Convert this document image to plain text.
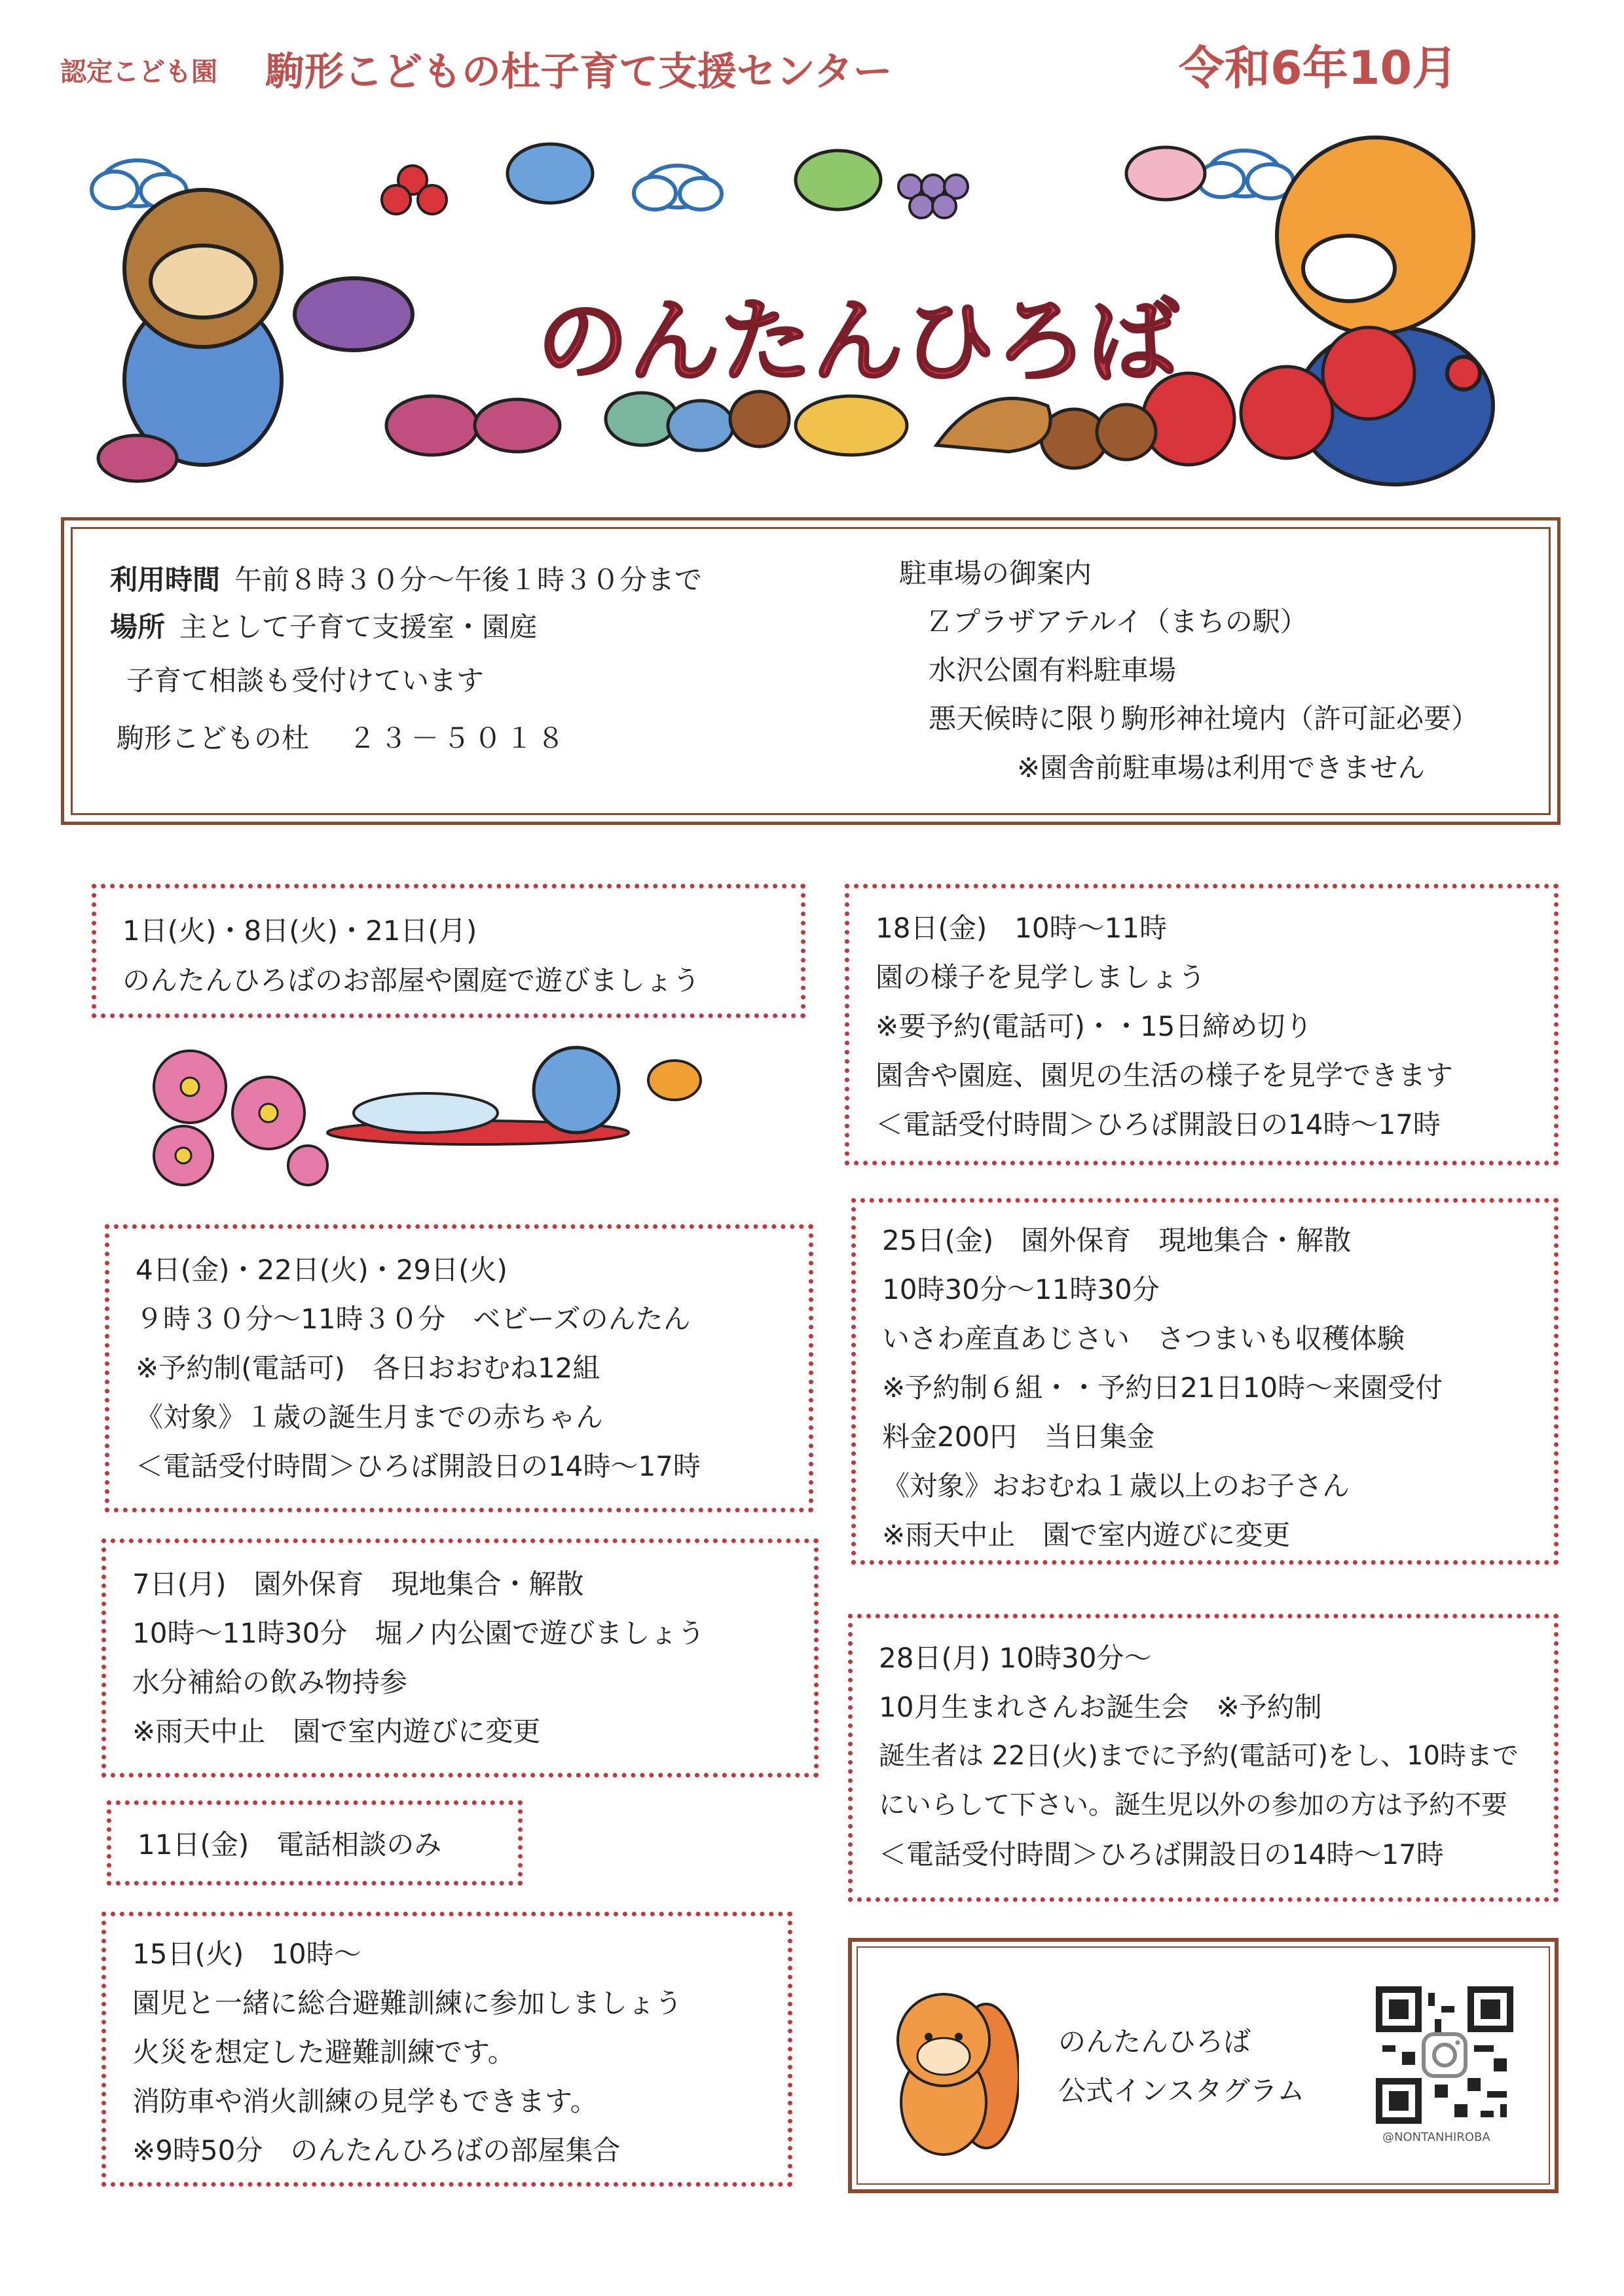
認定こども園 駒形こどもの杜子育て支援センター	令和6年10月
のんたんひろば
利用時間 午前８時３０分～午後１時３０分まで
場所 主として子育て支援室・園庭
子育て相談も受付けています
駒形こどもの杜 ２３－５０１８
駐車場の御案内
Ｚプラザアテルイ（まちの駅）
水沢公園有料駐車場
悪天候時に限り駒形神社境内（許可証必要）
※園舎前駐車場は利用できません
1日(火)・8日(火)・21日(月)
のんたんひろばのお部屋や園庭で遊びましょう
4日(金)・22日(火)・29日(火)
９時３０分～11時３０分　ベビーズのんたん
※予約制(電話可)　各日おおむね12組
《対象》１歳の誕生月までの赤ちゃん
＜電話受付時間＞ひろば開設日の14時～17時
7日(月)　園外保育　現地集合・解散
10時～11時30分　堀ノ内公園で遊びましょう
水分補給の飲み物持参
※雨天中止　園で室内遊びに変更
11日(金)　電話相談のみ
15日(火)　10時～
園児と一緒に総合避難訓練に参加しましょう
火災を想定した避難訓練です。
消防車や消火訓練の見学もできます。
※9時50分　のんたんひろばの部屋集合
18日(金)　10時～11時
園の様子を見学しましょう
※要予約(電話可)・・15日締め切り
園舎や園庭、園児の生活の様子を見学できます
＜電話受付時間＞ひろば開設日の14時～17時
25日(金)　園外保育　現地集合・解散
10時30分～11時30分
いさわ産直あじさい　さつまいも収穫体験
※予約制６組・・予約日21日10時～来園受付
料金200円　当日集金
《対象》おおむね１歳以上のお子さん
※雨天中止　園で室内遊びに変更
28日(月) 10時30分～
10月生まれさんお誕生会　※予約制
誕生者は 22日(火)までに予約(電話可)をし、10時まで
にいらして下さい。誕生児以外の参加の方は予約不要
＜電話受付時間＞ひろば開設日の14時～17時
のんたんひろば
公式インスタグラム
@NONTANHIROBA
